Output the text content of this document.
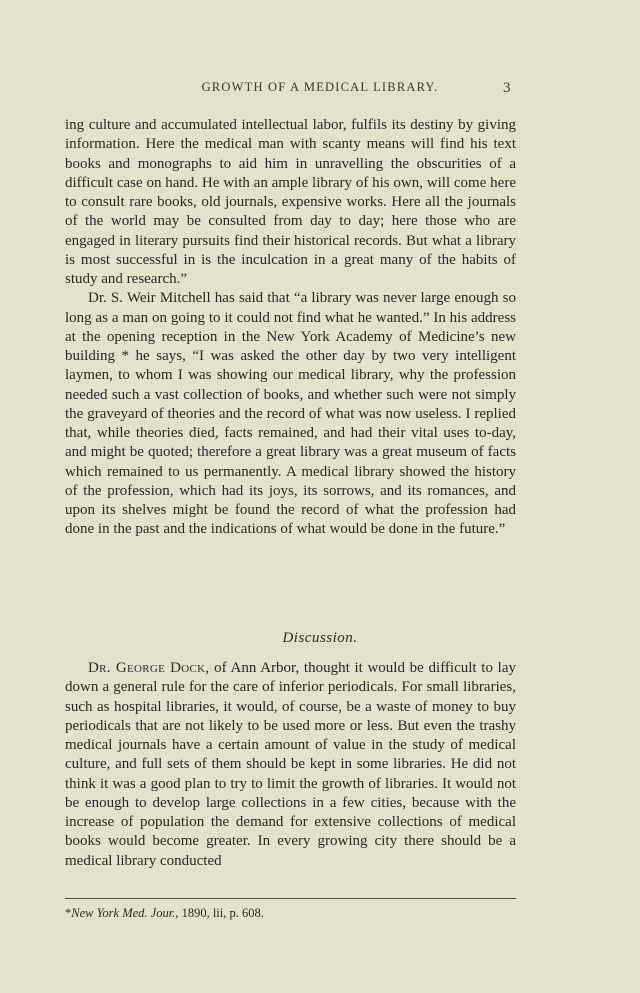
GROWTH OF A MEDICAL LIBRARY.	3

ing culture and accumulated intellectual labor, fulfils its destiny by giving information. Here the medical man with scanty means will find his text books and monographs to aid him in unravelling the obscurities of a difficult case on hand. He with an ample library of his own, will come here to consult rare books, old journals, expensive works. Here all the journals of the world may be consulted from day to day; here those who are engaged in literary pursuits find their historical records. But what a library is most successful in is the inculcation in a great many of the habits of study and research.”

Dr. S. Weir Mitchell has said that “a library was never large enough so long as a man on going to it could not find what he wanted.” In his address at the opening reception in the New York Academy of Medicine’s new building * he says, “I was asked the other day by two very intelligent laymen, to whom I was showing our medical library, why the profession needed such a vast collection of books, and whether such were not simply the graveyard of theories and the record of what was now useless. I replied that, while theories died, facts remained, and had their vital uses to-day, and might be quoted; therefore a great library was a great museum of facts which remained to us permanently. A medical library showed the history of the profession, which had its joys, its sorrows, and its romances, and upon its shelves might be found the record of what the profession had done in the past and the indications of what would be done in the future.”

Discussion.

Dr. George Dock, of Ann Arbor, thought it would be difficult to lay down a general rule for the care of inferior periodicals. For small libraries, such as hospital libraries, it would, of course, be a waste of money to buy periodicals that are not likely to be used more or less. But even the trashy medical journals have a certain amount of value in the study of medical culture, and full sets of them should be kept in some libraries. He did not think it was a good plan to try to limit the growth of libraries. It would not be enough to develop large collections in a few cities, because with the increase of population the demand for extensive collections of medical books would become greater. In every growing city there should be a medical library conducted

*New York Med. Jour., 1890, lii, p. 608.
